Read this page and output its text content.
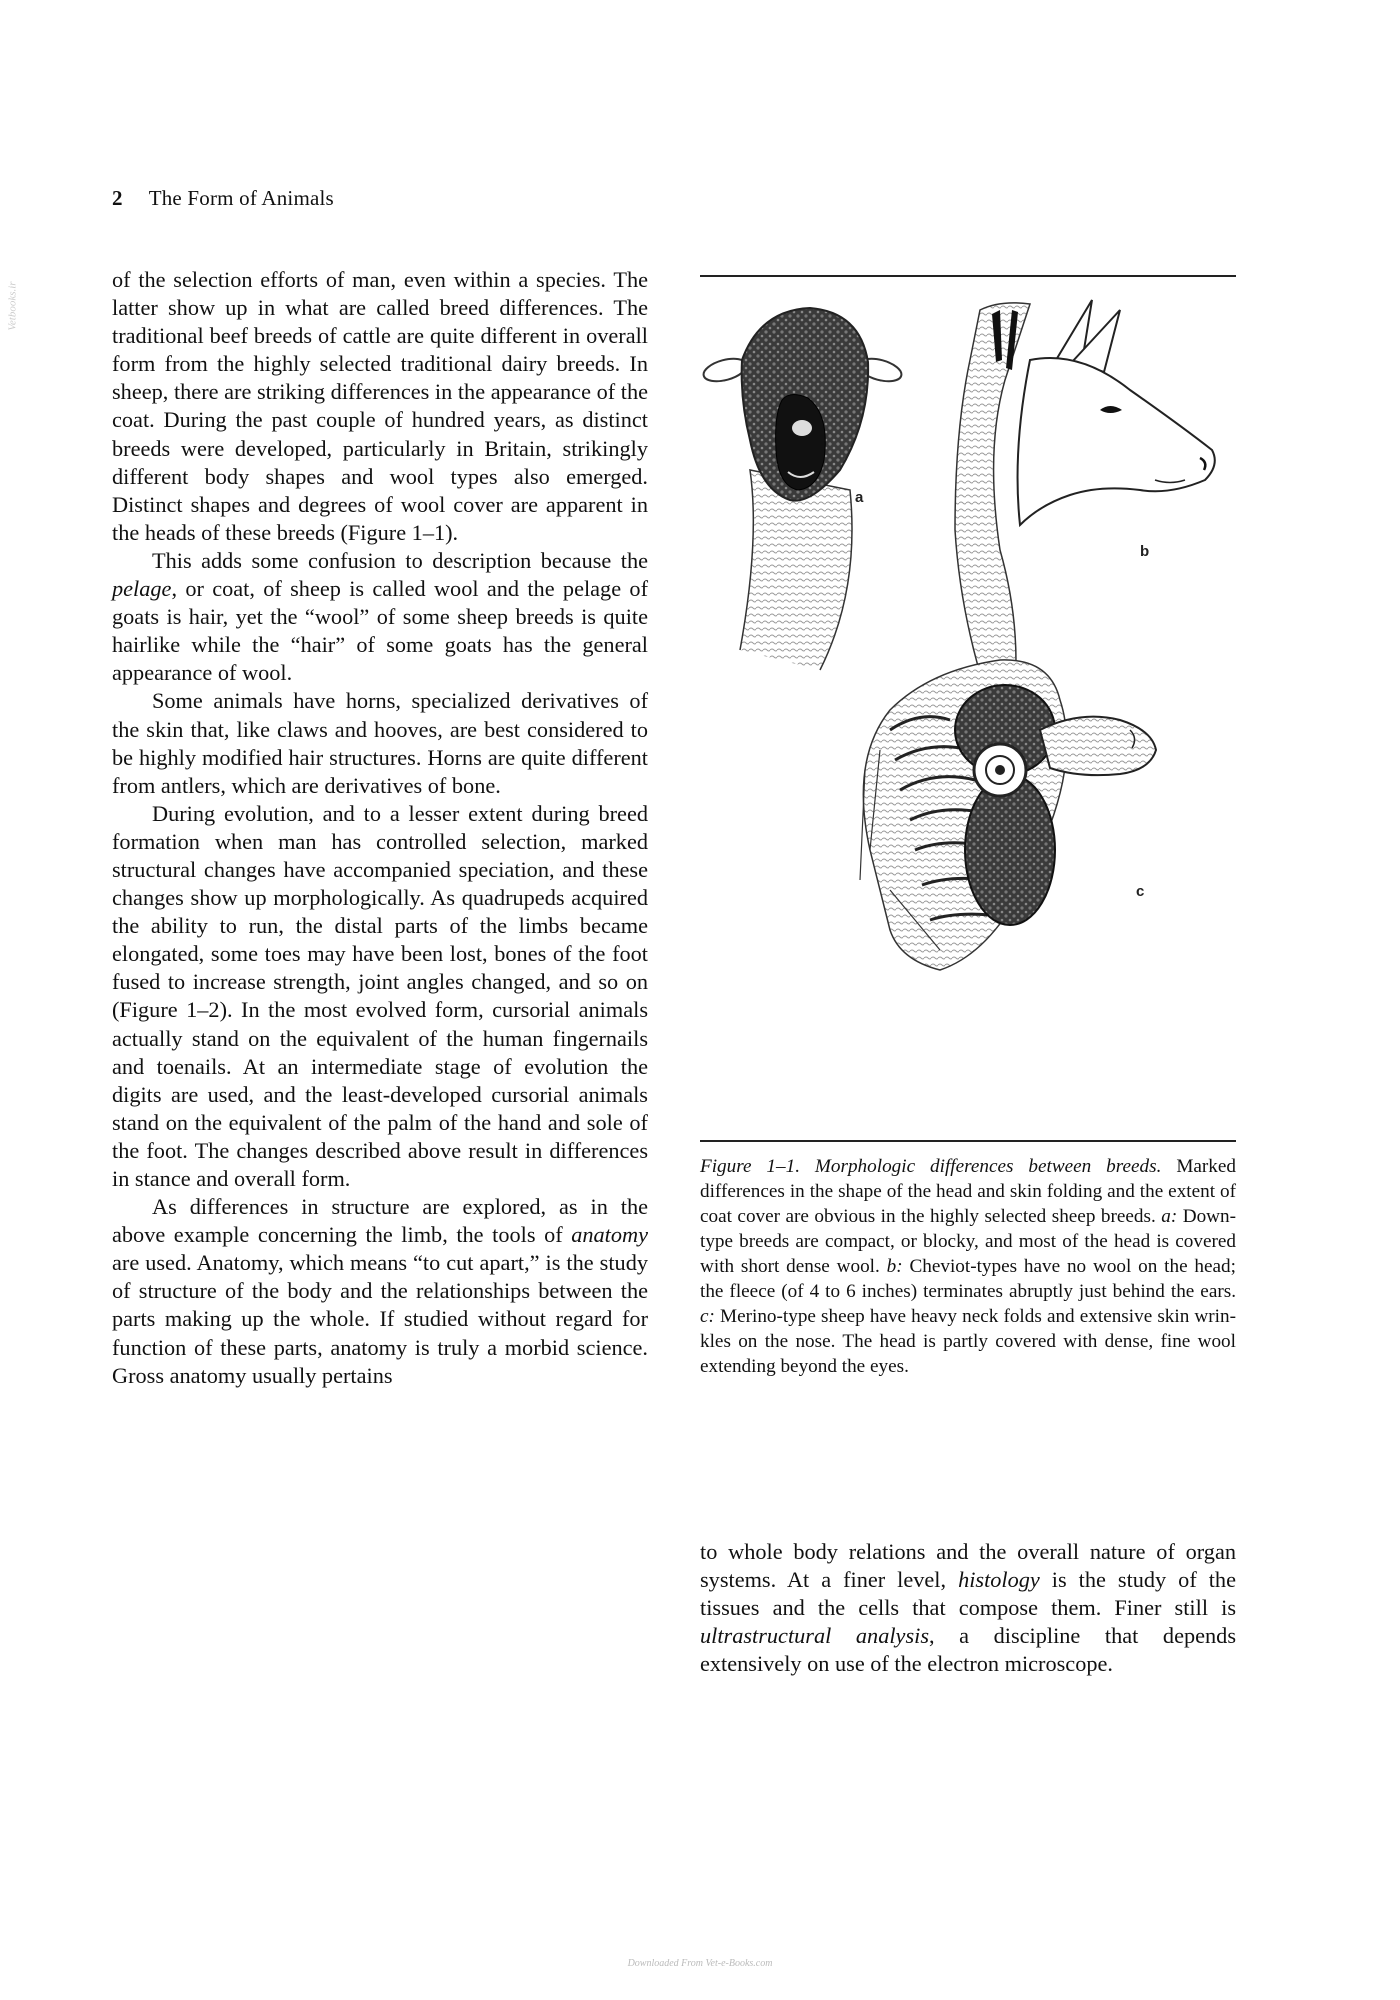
Vetbooks.ir
2 The Form of Animals

of the selection efforts of man, even within a species. The latter show up in what are called breed differences. The traditional beef breeds of cattle are quite different in overall form from the highly selected traditional dairy breeds. In sheep, there are striking differences in the appearance of the coat. During the past couple of hundred years, as distinct breeds were developed, particularly in Britain, strikingly different body shapes and wool types also emerged. Distinct shapes and degrees of wool cover are apparent in the heads of these breeds (Figure 1–1).

This adds some confusion to description because the pelage, or coat, of sheep is called wool and the pelage of goats is hair, yet the “wool” of some sheep breeds is quite hairlike while the “hair” of some goats has the general appearance of wool.

Some animals have horns, specialized derivatives of the skin that, like claws and hooves, are best considered to be highly modified hair structures. Horns are quite different from antlers, which are derivatives of bone.

During evolution, and to a lesser extent during breed formation when man has controlled selection, marked structural changes have accompanied speciation, and these changes show up morphologically. As quadrupeds acquired the ability to run, the distal parts of the limbs became elongated, some toes may have been lost, bones of the foot fused to increase strength, joint angles changed, and so on (Figure 1–2). In the most evolved form, cursorial animals actually stand on the equivalent of the human fingernails and toenails. At an intermediate stage of evolution the digits are used, and the least-developed cursorial animals stand on the equivalent of the palm of the hand and sole of the foot. The changes described above result in differences in stance and overall form.

As differences in structure are explored, as in the above example concerning the limb, the tools of anatomy are used. Anatomy, which means “to cut apart,” is the study of structure of the body and the relationships between the parts making up the whole. If studied without regard for function of these parts, anatomy is truly a morbid science. Gross anatomy usually pertains

a
b
c
Figure 1–1. Morphologic differences between breeds. Marked differences in the shape of the head and skin folding and the extent of coat cover are obvious in the highly selected sheep breeds. a: Down-type breeds are compact, or blocky, and most of the head is covered with short dense wool. b: Cheviot-types have no wool on the head; the fleece (of 4 to 6 inches) terminates abruptly just behind the ears. c: Merino-type sheep have heavy neck folds and extensive skin wrinkles on the nose. The head is partly covered with dense, fine wool extending beyond the eyes.

to whole body relations and the overall nature of organ systems. At a finer level, histology is the study of the tissues and the cells that compose them. Finer still is ultrastructural analysis, a discipline that depends extensively on use of the electron microscope.

Downloaded From Vet-e-Books.com
